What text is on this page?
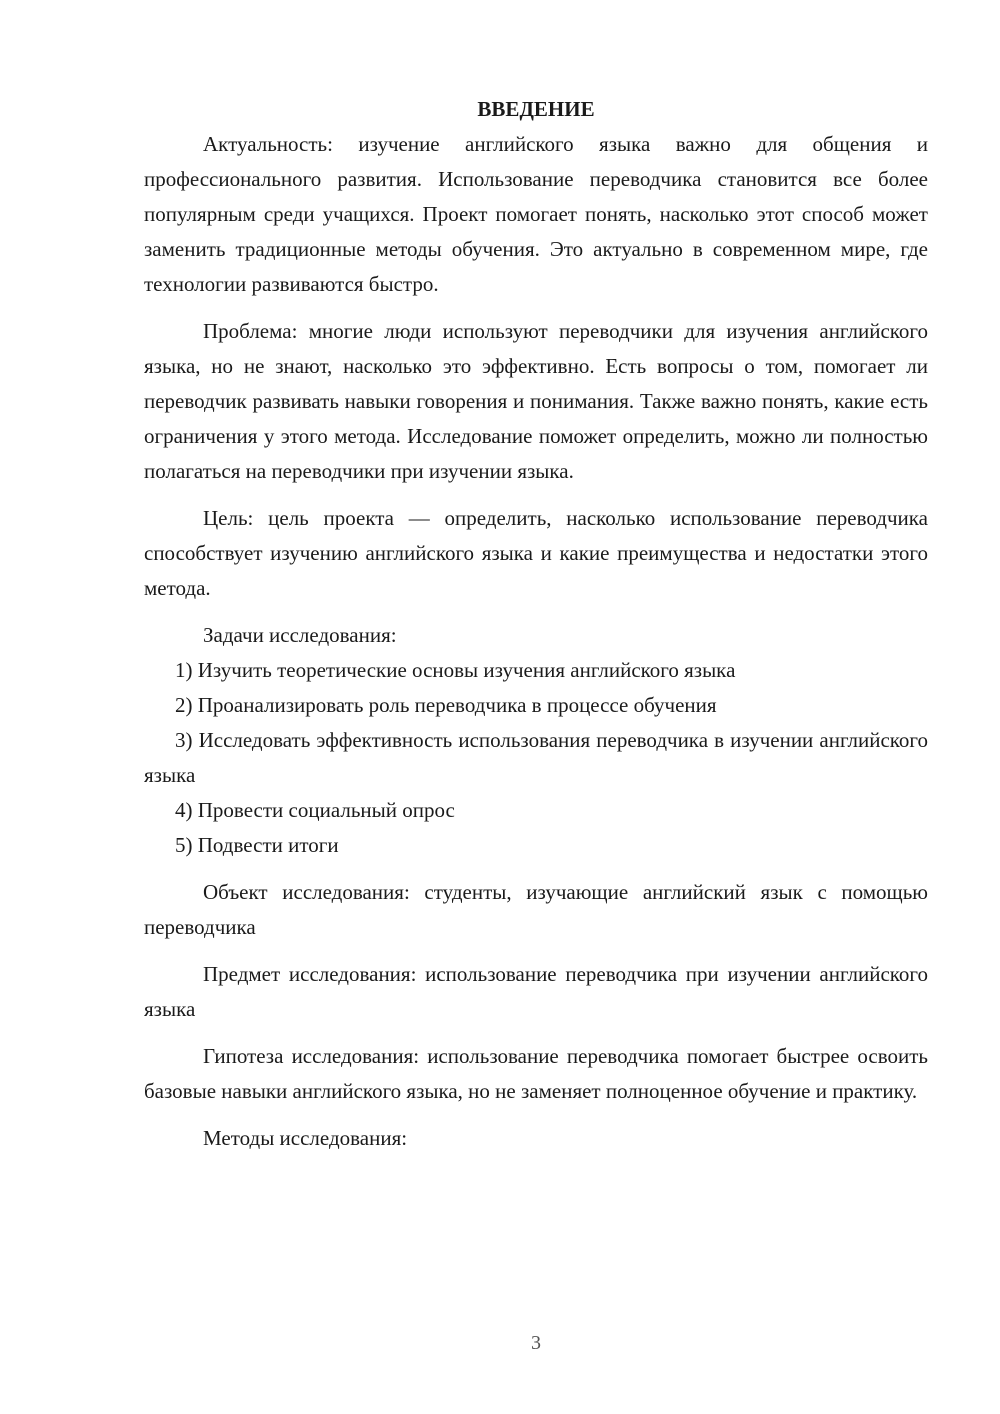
ВВЕДЕНИЕ

Актуальность: изучение английского языка важно для общения и профессионального развития. Использование переводчика становится все более популярным среди учащихся. Проект помогает понять, насколько этот способ может заменить традиционные методы обучения. Это актуально в современном мире, где технологии развиваются быстро.

Проблема: многие люди используют переводчики для изучения английского языка, но не знают, насколько это эффективно. Есть вопросы о том, помогает ли переводчик развивать навыки говорения и понимания. Также важно понять, какие есть ограничения у этого метода. Исследование поможет определить, можно ли полностью полагаться на переводчики при изучении языка.

Цель: цель проекта — определить, насколько использование переводчика способствует изучению английского языка и какие преимущества и недостатки этого метода.

Задачи исследования:

1) Изучить теоретические основы изучения английского языка

2) Проанализировать роль переводчика в процессе обучения

3) Исследовать эффективность использования переводчика в изучении английского языка

4) Провести социальный опрос

5) Подвести итоги

Объект исследования: студенты, изучающие английский язык с помощью переводчика

Предмет исследования: использование переводчика при изучении английского языка

Гипотеза исследования: использование переводчика помогает быстрее освоить базовые навыки английского языка, но не заменяет полноценное обучение и практику.

Методы исследования:

3
